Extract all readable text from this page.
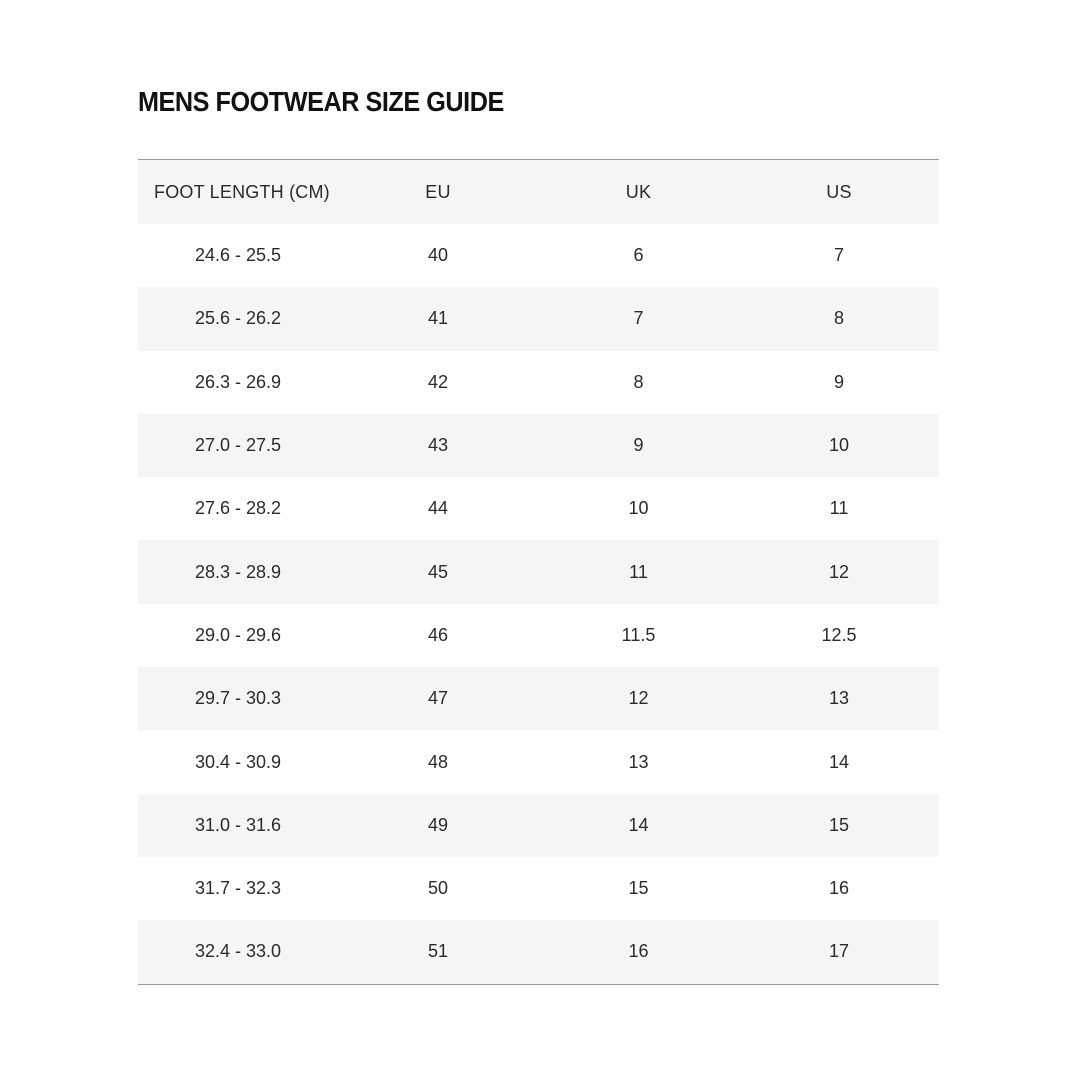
MENS FOOTWEAR SIZE GUIDE
FOOT LENGTH (CM)	EU	UK	US
24.6 - 25.5	40	6	7
25.6 - 26.2	41	7	8
26.3 - 26.9	42	8	9
27.0 - 27.5	43	9	10
27.6 - 28.2	44	10	11
28.3 - 28.9	45	11	12
29.0 - 29.6	46	11.5	12.5
29.7 - 30.3	47	12	13
30.4 - 30.9	48	13	14
31.0 - 31.6	49	14	15
31.7 - 32.3	50	15	16
32.4 - 33.0	51	16	17
